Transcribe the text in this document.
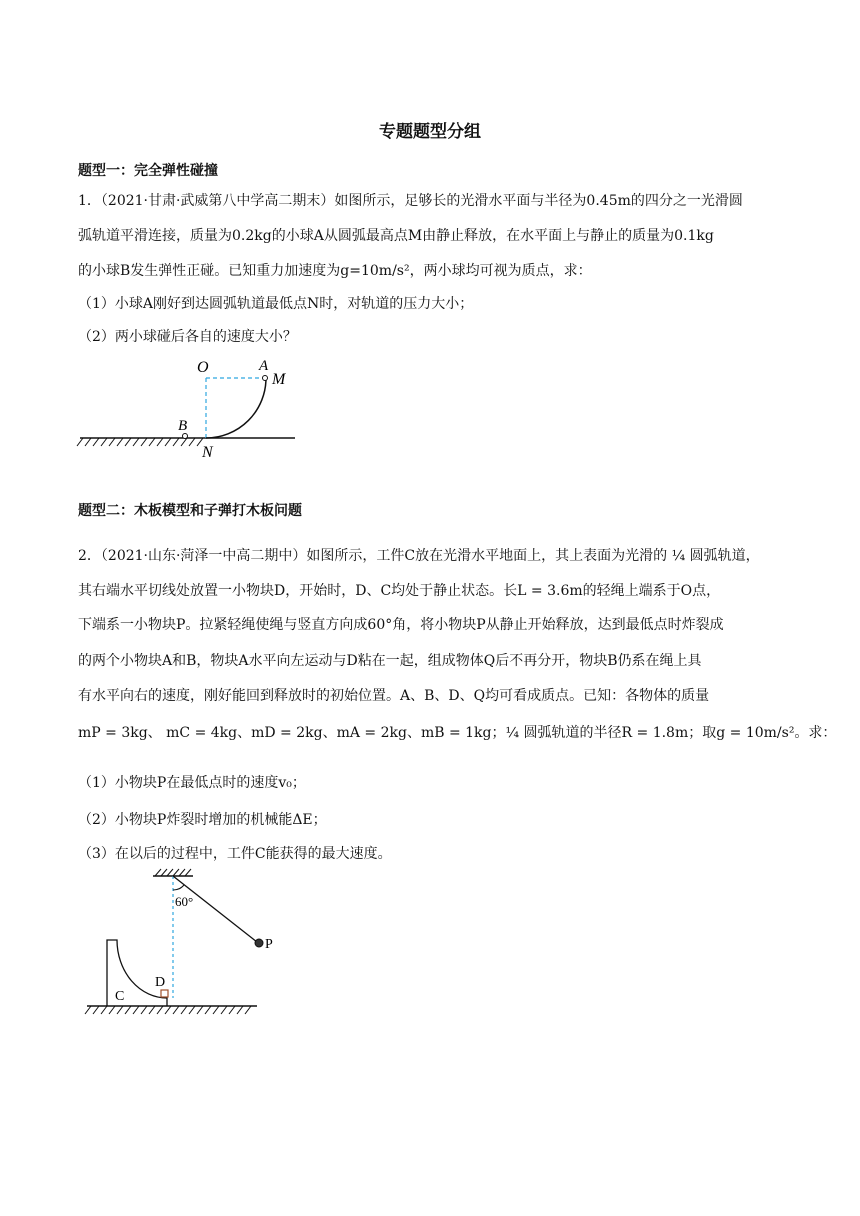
专题题型分组
题型一：完全弹性碰撞
1．（2021·甘肃·武威第八中学高二期末）如图所示，足够长的光滑水平面与半径为0.45m的四分之一光滑圆
弧轨道平滑连接，质量为0.2kg的小球A从圆弧最高点M由静止释放，在水平面上与静止的质量为0.1kg
的小球B发生弹性正碰。已知重力加速度为g=10m/s²，两小球均可视为质点，求：
（1）小球A刚好到达圆弧轨道最低点N时，对轨道的压力大小；
（2）两小球碰后各自的速度大小？
O	A
M
B
N
题型二：木板模型和子弹打木板问题
2．（2021·山东·菏泽一中高二期中）如图所示，工件C放在光滑水平地面上，其上表面为光滑的 ¼ 圆弧轨道，
其右端水平切线处放置一小物块D，开始时，D、C均处于静止状态。长L = 3.6m的轻绳上端系于O点，
下端系一小物块P。拉紧轻绳使绳与竖直方向成60°角，将小物块P从静止开始释放，达到最低点时炸裂成
的两个小物块A和B，物块A水平向左运动与D粘在一起，组成物体Q后不再分开，物块B仍系在绳上具
有水平向右的速度，刚好能回到释放时的初始位置。A、B、D、Q均可看成质点。已知：各物体的质量
mP = 3kg、 mC = 4kg、mD = 2kg、mA = 2kg、mB = 1kg；¼ 圆弧轨道的半径R = 1.8m；取g = 10m/s²。求：
（1）小物块P在最低点时的速度v₀；
（2）小物块P炸裂时增加的机械能ΔE；
（3）在以后的过程中，工件C能获得的最大速度。
60°
P
C
D
